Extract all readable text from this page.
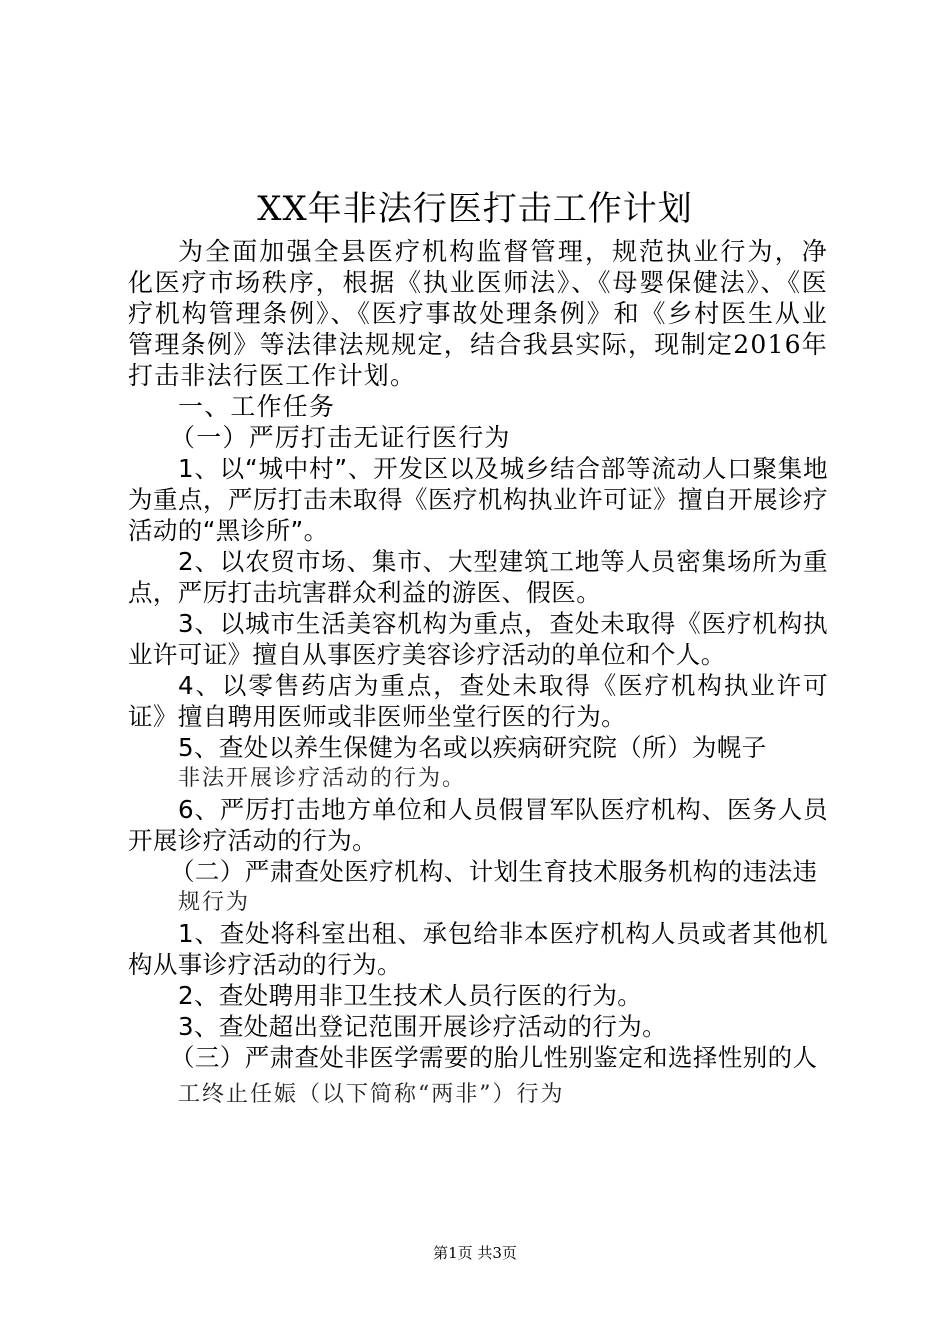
XX年非法行医打击工作计划

为全面加强全县医疗机构监督管理，规范执业行为，净化医疗市场秩序，根据《执业医师法》、《母婴保健法》、《医疗机构管理条例》、《医疗事故处理条例》和《乡村医生从业管理条例》等法律法规规定，结合我县实际，现制定2016年打击非法行医工作计划。

一、工作任务

（一）严厉打击无证行医行为

1、以“城中村”、开发区以及城乡结合部等流动人口聚集地为重点，严厉打击未取得《医疗机构执业许可证》擅自开展诊疗活动的“黑诊所”。

2、以农贸市场、集市、大型建筑工地等人员密集场所为重点，严厉打击坑害群众利益的游医、假医。

3、以城市生活美容机构为重点，查处未取得《医疗机构执业许可证》擅自从事医疗美容诊疗活动的单位和个人。

4、以零售药店为重点，查处未取得《医疗机构执业许可证》擅自聘用医师或非医师坐堂行医的行为。

5、查处以养生保健为名或以疾病研究院（所）为幌子

非法开展诊疗活动的行为。

6、严厉打击地方单位和人员假冒军队医疗机构、医务人员开展诊疗活动的行为。

（二）严肃查处医疗机构、计划生育技术服务机构的违法违

规行为

1、查处将科室出租、承包给非本医疗机构人员或者其他机构从事诊疗活动的行为。

2、查处聘用非卫生技术人员行医的行为。

3、查处超出登记范围开展诊疗活动的行为。

（三）严肃查处非医学需要的胎儿性别鉴定和选择性别的人

工终止任娠（以下简称“两非”）行为

第1页 共3页
